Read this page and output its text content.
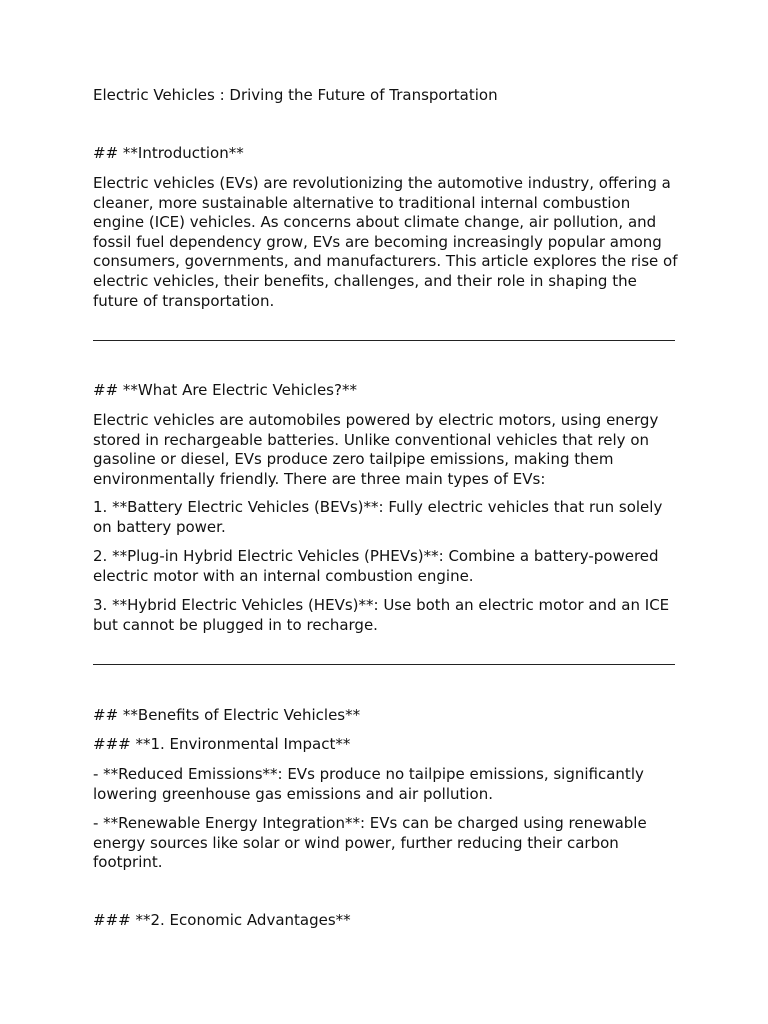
Electric Vehicles : Driving the Future of Transportation

## **Introduction**

Electric vehicles (EVs) are revolutionizing the automotive industry, offering a cleaner, more sustainable alternative to traditional internal combustion engine (ICE) vehicles. As concerns about climate change, air pollution, and fossil fuel dependency grow, EVs are becoming increasingly popular among consumers, governments, and manufacturers. This article explores the rise of electric vehicles, their benefits, challenges, and their role in shaping the future of transportation.

## **What Are Electric Vehicles?**

Electric vehicles are automobiles powered by electric motors, using energy stored in rechargeable batteries. Unlike conventional vehicles that rely on gasoline or diesel, EVs produce zero tailpipe emissions, making them environmentally friendly. There are three main types of EVs:

1. **Battery Electric Vehicles (BEVs)**: Fully electric vehicles that run solely on battery power.

2. **Plug-in Hybrid Electric Vehicles (PHEVs)**: Combine a battery-powered electric motor with an internal combustion engine.

3. **Hybrid Electric Vehicles (HEVs)**: Use both an electric motor and an ICE but cannot be plugged in to recharge.

## **Benefits of Electric Vehicles**

### **1. Environmental Impact**

- **Reduced Emissions**: EVs produce no tailpipe emissions, significantly lowering greenhouse gas emissions and air pollution.

- **Renewable Energy Integration**: EVs can be charged using renewable energy sources like solar or wind power, further reducing their carbon footprint.

### **2. Economic Advantages**
